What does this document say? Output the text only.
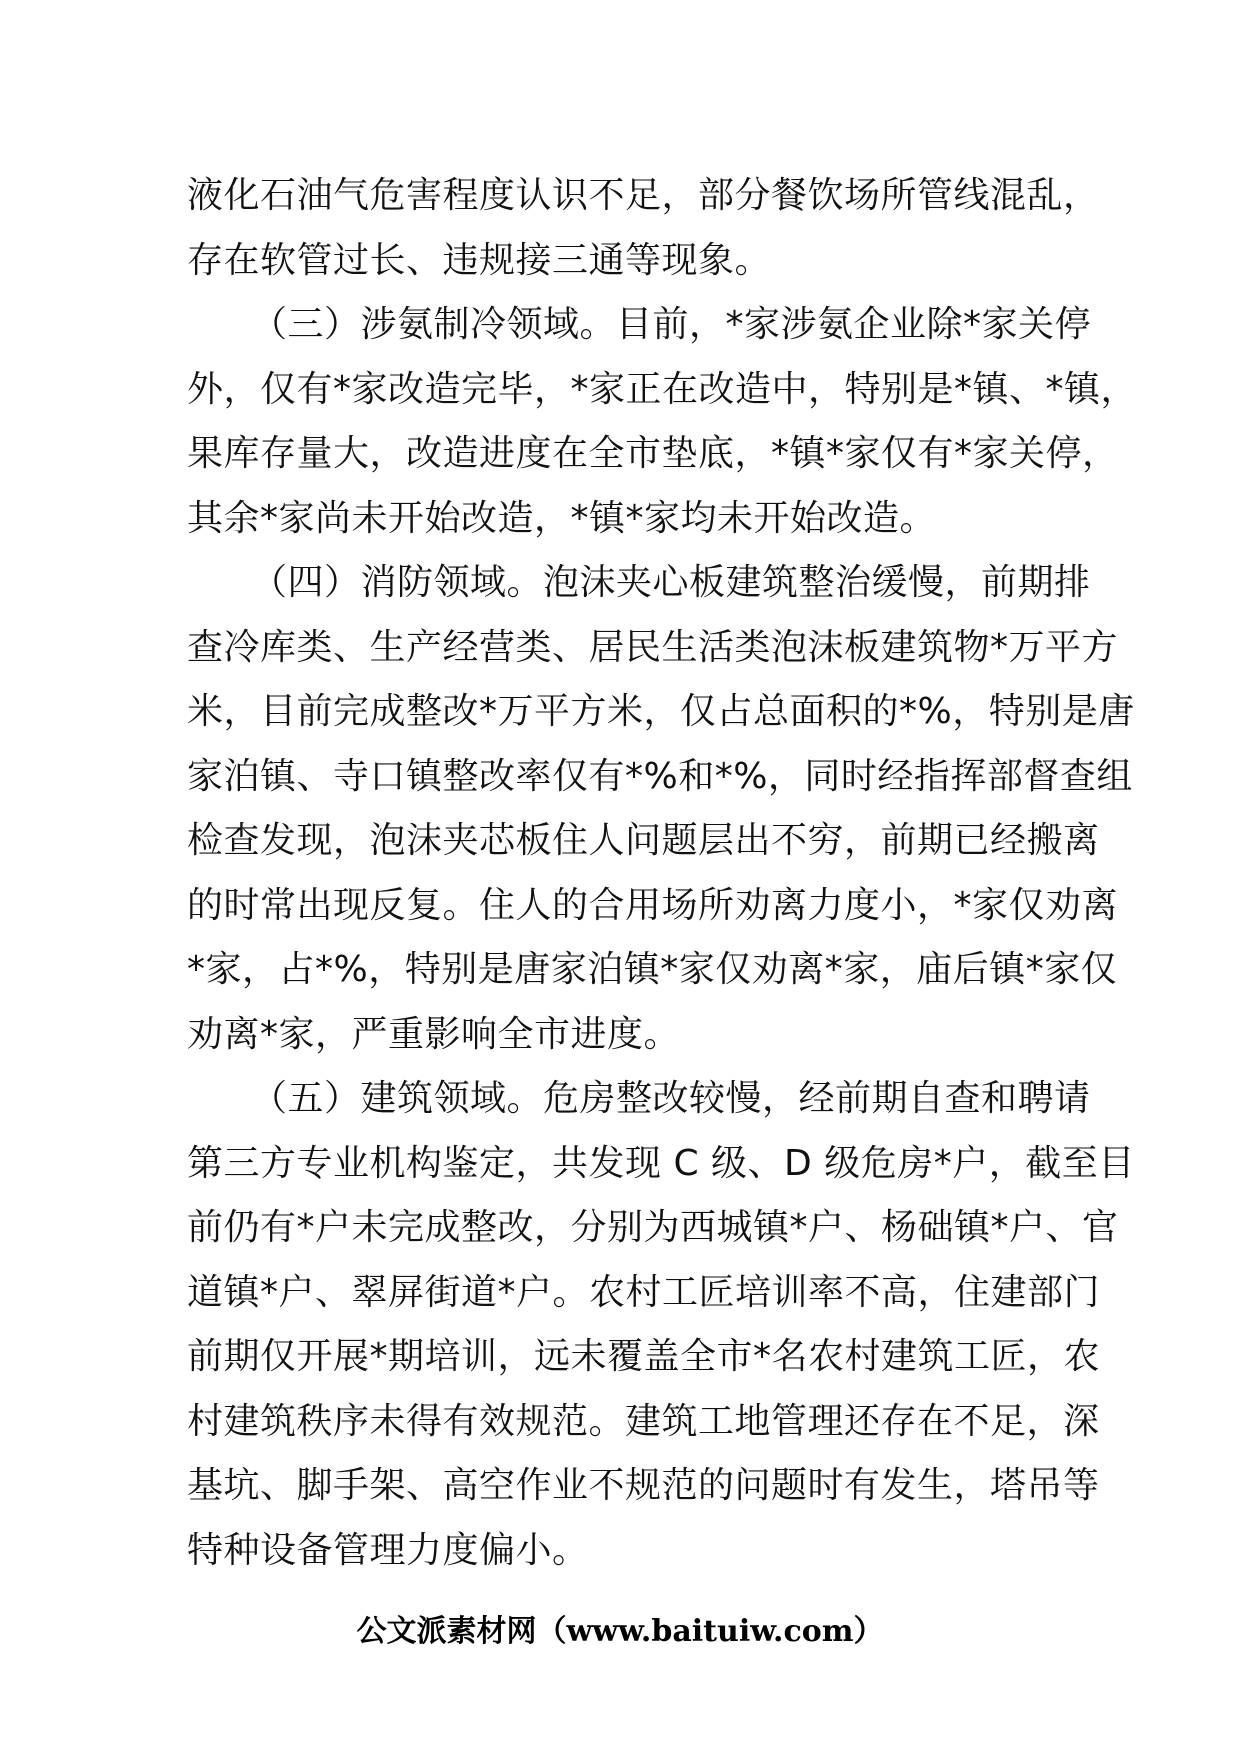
液化石油气危害程度认识不足，部分餐饮场所管线混乱，
存在软管过长、违规接三通等现象。

（三）涉氨制冷领域。目前，*家涉氨企业除*家关停
外，仅有*家改造完毕，*家正在改造中，特别是*镇、*镇，
果库存量大，改造进度在全市垫底，*镇*家仅有*家关停，
其余*家尚未开始改造，*镇*家均未开始改造。

（四）消防领域。泡沫夹心板建筑整治缓慢，前期排
查冷库类、生产经营类、居民生活类泡沫板建筑物*万平方
米，目前完成整改*万平方米，仅占总面积的*%，特别是唐
家泊镇、寺口镇整改率仅有*%和*%，同时经指挥部督查组
检查发现，泡沫夹芯板住人问题层出不穷，前期已经搬离
的时常出现反复。住人的合用场所劝离力度小，*家仅劝离
*家，占*%，特别是唐家泊镇*家仅劝离*家，庙后镇*家仅
劝离*家，严重影响全市进度。

（五）建筑领域。危房整改较慢，经前期自查和聘请
第三方专业机构鉴定，共发现 C 级、D 级危房*户，截至目
前仍有*户未完成整改，分别为西城镇*户、杨础镇*户、官
道镇*户、翠屏街道*户。农村工匠培训率不高，住建部门
前期仅开展*期培训，远未覆盖全市*名农村建筑工匠，农
村建筑秩序未得有效规范。建筑工地管理还存在不足，深
基坑、脚手架、高空作业不规范的问题时有发生，塔吊等
特种设备管理力度偏小。

公文派素材网（www.baituiw.com）
